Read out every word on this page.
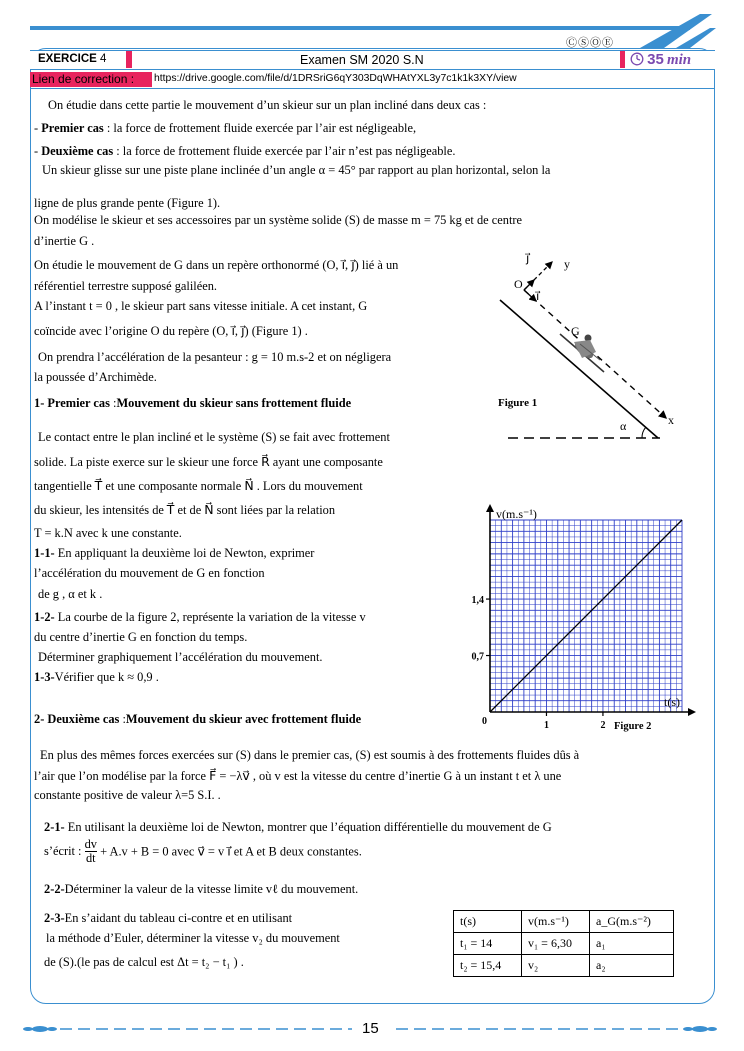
ⒸⓈⓄⒺ
EXERCICE 4	Examen SM 2020 S.N	35 min
Lien de correction : https://drive.google.com/file/d/1DRSriG6qY303DqWHAtYXL3y7c1k1k3XY/view
On étudie dans cette partie le mouvement d’un skieur sur un plan incliné dans deux cas :
- Premier cas : la force de frottement fluide exercée par l’air est négligeable,
- Deuxième cas : la force de frottement fluide exercée par l’air n’est pas négligeable.
Un skieur glisse sur une piste plane inclinée d’un angle α = 45° par rapport au plan horizontal, selon la
ligne de plus grande pente (Figure 1).
On modélise le skieur et ses accessoires par un système solide (S) de masse m = 75 kg et de centre
d’inertie G .
On étudie le mouvement de G dans un repère orthonormé (O, i⃗, j⃗) lié à un
référentiel terrestre supposé galiléen.
A l’instant t = 0 , le skieur part sans vitesse initiale. A cet instant, G
coïncide avec l’origine O du repère (O, i⃗, j⃗) (Figure 1) .
On prendra l’accélération de la pesanteur : g = 10 m.s-2 et on négligera
la poussée d’Archimède.
1- Premier cas :Mouvement du skieur sans frottement fluide
Le contact entre le plan incliné et le système (S) se fait avec frottement
solide. La piste exerce sur le skieur une force R⃗ ayant une composante
tangentielle T⃗ et une composante normale N⃗ . Lors du mouvement
du skieur, les intensités de T⃗ et de N⃗ sont liées par la relation
T = k.N avec k une constante.
1-1- En appliquant la deuxième loi de Newton, exprimer
l’accélération du mouvement de G en fonction
de g , α et k .
1-2- La courbe de la figure 2, représente la variation de la vitesse v
du centre d’inertie G en fonction du temps.
Déterminer graphiquement l’accélération du mouvement.
1-3-Vérifier que k ≈ 0,9 .
2- Deuxième cas :Mouvement du skieur avec frottement fluide
En plus des mêmes forces exercées sur (S) dans le premier cas, (S) est soumis à des frottements fluides dûs à
l’air que l’on modélise par la force F⃗ = −λv⃗ , où v est la vitesse du centre d’inertie G à un instant t et λ une
constante positive de valeur λ=5 S.I. .
2-1- En utilisant la deuxième loi de Newton, montrer que l’équation différentielle du mouvement de G
s’écrit : $\frac{dv}{dt} + A.v + B = 0$ avec v⃗ = v i⃗ et A et B deux constantes.
2-2-Déterminer la valeur de la vitesse limite vℓ du mouvement.
2-3-En s’aidant du tableau ci-contre et en utilisant
la méthode d’Euler, déterminer la vitesse v₂ du mouvement
de (S).(le pas de calcul est Δt = t₂ − t₁ ) .
t(s)	v(m.s⁻¹)	a_G(m.s⁻²)
t₁ = 14	v₁ = 6,30	a₁
t₂ = 15,4	v₂	a₂
G
O
j⃗
i⃗
y
x
α
Figure 1
0,7
1,4
1	2
0
v(m.s⁻¹)
t(s)
Figure 2
15
